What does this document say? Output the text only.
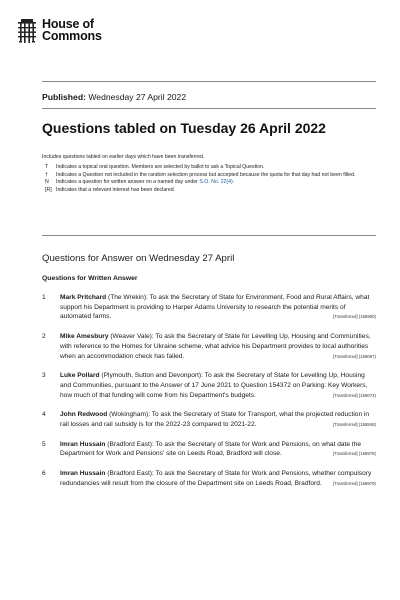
House of
Commons
Published: Wednesday 27 April 2022
Questions tabled on Tuesday 26 April 2022
Includes questions tabled on earlier days which have been transferred.
T	Indicates a topical oral question. Members are selected by ballot to ask a Topical Question.
†	Indicates a Question not included in the random selection process but accepted because the quota for that day had not been filled.
N	Indicates a question for written answer on a named day under S.O. No. 22(4).
[R] Indicates that a relevant interest has been declared.
Questions for Answer on Wednesday 27 April
Questions for Written Answer
1	Mark Pritchard (The Wrekin): To ask the Secretary of State for Environment, Food and Rural Affairs, what support his Department is providing to Harper Adams University to research the potential merits of automated farms.	[Transferred] (158900)
2	Mike Amesbury (Weaver Vale): To ask the Secretary of State for Levelling Up, Housing and Communities, with reference to the Homes for Ukraine scheme, what advice his Department provides to local authorities when an accommodation check has failed.	[Transferred] (159067)
3	Luke Pollard (Plymouth, Sutton and Devonport): To ask the Secretary of State for Levelling Up, Housing and Communities, pursuant to the Answer of 17 June 2021 to Question 154372 on Parking: Key Workers, how much of that funding will come from his Department's budgets.	[Transferred] (159073)
4	John Redwood (Wokingham): To ask the Secretary of State for Transport, what the projected reduction in rail losses and rail subsidy is for the 2022-23 compared to 2021-22.	[Transferred] (158848)
5	Imran Hussain (Bradford East): To ask the Secretary of State for Work and Pensions, on what date the Department for Work and Pensions' site on Leeds Road, Bradford will close.	[Transferred] (158978)
6	Imran Hussain (Bradford East): To ask the Secretary of State for Work and Pensions, whether compulsory redundancies will result from the closure of the Department site on Leeds Road, Bradford.	[Transferred] (158979)
